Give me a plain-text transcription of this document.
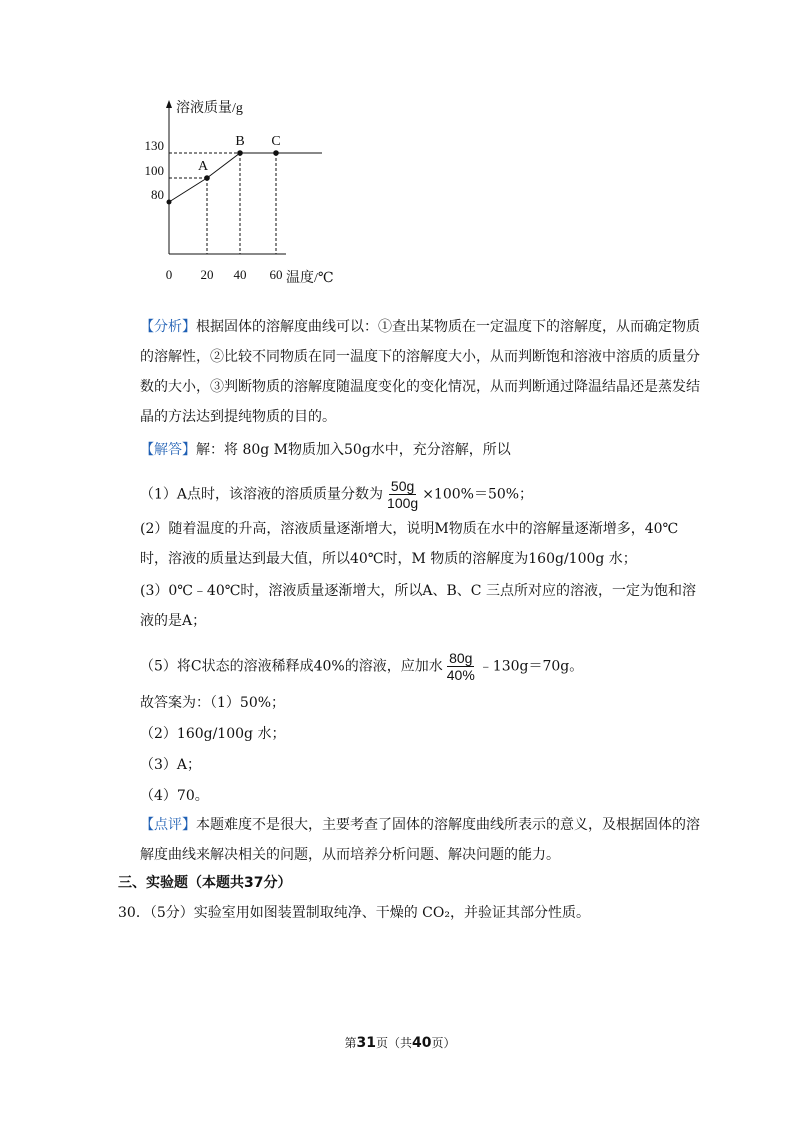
溶液质量/g
温度/℃
130
100
80
0 20 40 60
A
B C
【分析】根据固体的溶解度曲线可以：①查出某物质在一定温度下的溶解度，从而确定物质的溶解性，②比较不同物质在同一温度下的溶解度大小，从而判断饱和溶液中溶质的质量分数的大小，③判断物质的溶解度随温度变化的变化情况，从而判断通过降温结晶还是蒸发结晶的方法达到提纯物质的目的。
【解答】解：将 80g M物质加入50g水中，充分溶解，所以
（1）A点时，该溶液的溶质质量分数为 $\frac{50g}{100g} \times 100\%=50\%$；
(2）随着温度的升高，溶液质量逐渐增大，说明M物质在水中的溶解量逐渐增多，40℃时，溶液的质量达到最大值，所以40℃时，M 物质的溶解度为160g/100g 水；
(3）0℃﹣40℃时，溶液质量逐渐增大，所以A、B、C 三点所对应的溶液，一定为饱和溶液的是A；
（5）将C状态的溶液稀释成40%的溶液，应加水 $\frac{80g}{40\%}$ ﹣130g＝70g。
故答案为：（1）50%；
（2）160g/100g 水；
（3）A；
（4）70。
【点评】本题难度不是很大，主要考查了固体的溶解度曲线所表示的意义，及根据固体的溶解度曲线来解决相关的问题，从而培养分析问题、解决问题的能力。
三、实验题（本题共37分）
30．（5分）实验室用如图装置制取纯净、干燥的 CO₂，并验证其部分性质。
第31页（共40页）
